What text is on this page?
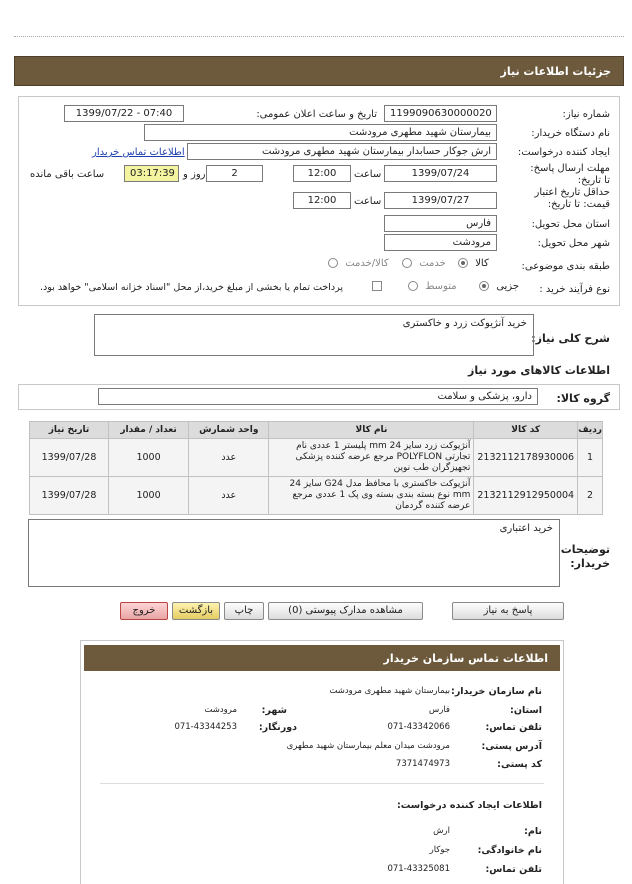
جزئیات اطلاعات نیاز
شماره نیاز:
1199090630000020
تاریخ و ساعت اعلان عمومی:
1399/07/22 - 07:40
نام دستگاه خریدار:
بیمارستان شهید مطهری مرودشت
ایجاد کننده درخواست:
ارش جوکار حسابدار بیمارستان شهید مطهری مرودشت
اطلاعات تماس خریدار
مهلت ارسال پاسخ: تا تاریخ:
1399/07/24
ساعت
12:00
2
روز و
03:17:39
ساعت باقی مانده
حداقل تاریخ اعتبار قیمت: تا تاریخ:
1399/07/27
ساعت
12:00
استان محل تحویل:
فارس
شهر محل تحویل:
مرودشت
طبقه بندی موضوعی:
کالا
خدمت
کالا/خدمت
نوع فرآیند خرید :
جزیی
متوسط
پرداخت تمام یا بخشی از مبلغ خرید،از محل "اسناد خزانه اسلامی" خواهد بود.
شرح کلی نیاز:
خرید آنژیوکت زرد و خاکستری
اطلاعات کالاهای مورد نیاز
گروه کالا:
دارو، پزشکی و سلامت
ردیف	کد کالا	نام کالا	واحد شمارش	تعداد / مقدار	تاریخ نیاز
1	2132112178930006	آنژیوکت زرد سایز 24 mm پلیستر 1 عددی نام تجارتی POLYFLON مرجع عرضه کننده پزشکی تجهیزگران طب نوین	عدد	1000	1399/07/28
2	2132112912950004	آنژیوکت خاکستری با محافظ مدل G24 سایز 24 mm نوع بسته بندی بسته وی پک 1 عددی مرجع عرضه کننده گردمان	عدد	1000	1399/07/28
توضیحات خریدار:
خرید اعتباری
پاسخ به نیاز
مشاهده مدارک پیوستی (0)
چاپ
بازگشت
خروج
اطلاعات تماس سازمان خریدار
نام سازمان خریدار:
بیمارستان شهید مطهری مرودشت
استان:
فارس
شهر:
مرودشت
تلفن تماس:
071-43342066
دورنگار:
071-43344253
آدرس پستی:
مرودشت میدان معلم بیمارستان شهید مطهری
کد پستی:
7371474973
اطلاعات ایجاد کننده درخواست:
نام:
ارش
نام خانوادگی:
جوکار
تلفن تماس:
071-43325081
